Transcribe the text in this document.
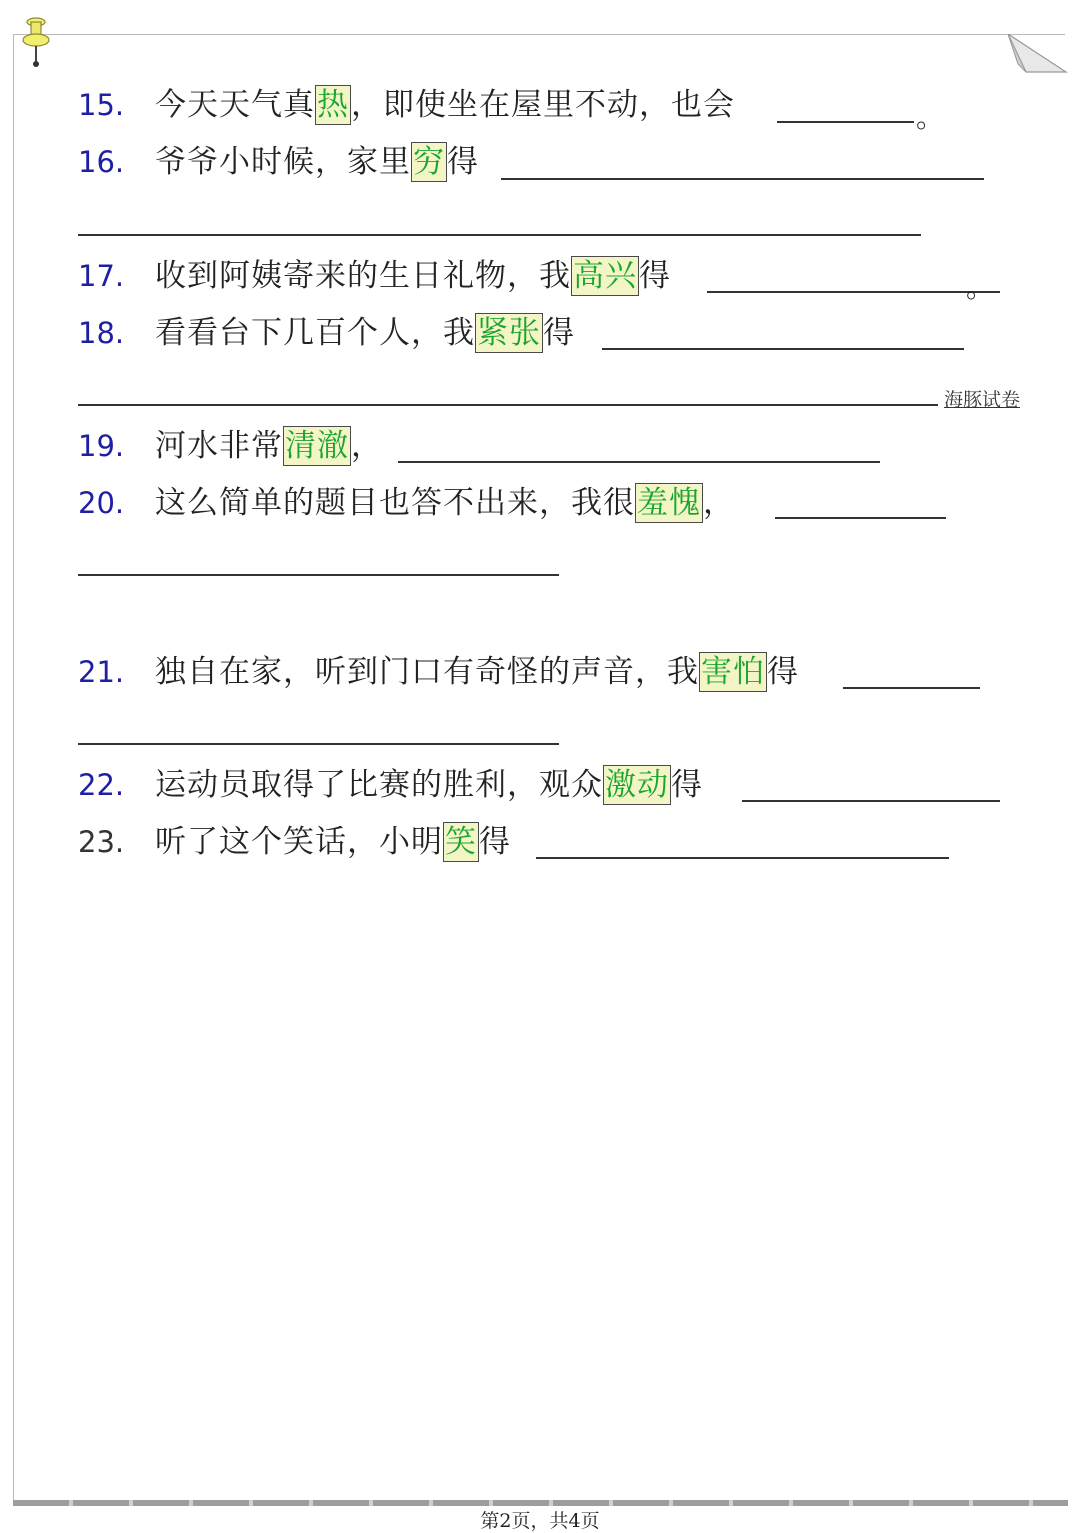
15. 今天天气真热，即使坐在屋里不动，也会	。
16. 爷爷小时候，家里穷得
17. 收到阿姨寄来的生日礼物，我高兴得	。
18. 看看台下几百个人，我紧张得
海豚试卷
19. 河水非常清澈，
20. 这么简单的题目也答不出来，我很羞愧，
21. 独自在家，听到门口有奇怪的声音，我害怕得
22. 运动员取得了比赛的胜利，观众激动得
23. 听了这个笑话，小明笑得
第2页，共4页
